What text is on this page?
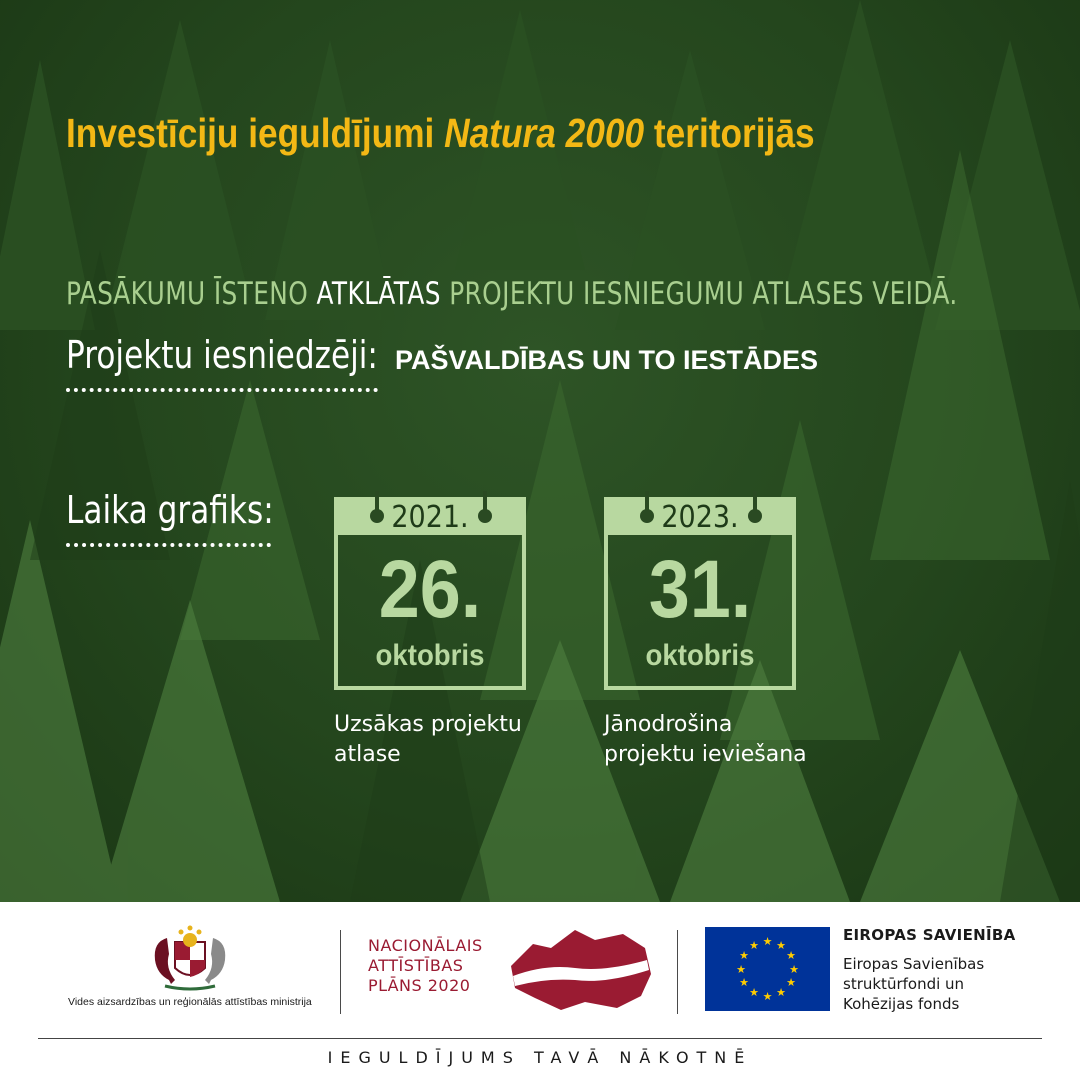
Investīciju ieguldījumi Natura 2000 teritorijās

PASĀKUMU ĪSTENO ATKLĀTAS PROJEKTU IESNIEGUMU ATLASES VEIDĀ.

Projektu iesniedzēji: PAŠVALDĪBAS UN TO IESTĀDES

Laika grafiks:	2021.
26.
oktobris
Uzsākas projektu
atlase
2023.
31.
oktobris
Jānodrošina
projektu ieviešana
Vides aizsardzības un reģionālās attīstības ministrija
NACIONĀLAIS
ATTĪSTĪBAS
PLĀNS 2020
★ ★
★
★
★
★
★
★
★
★
★
★
EIROPAS SAVIENĪBA
Eiropas Savienības
struktūrfondi un
Kohēzijas fonds
IEGULDĪJUMS TAVĀ NĀKOTNĒ
